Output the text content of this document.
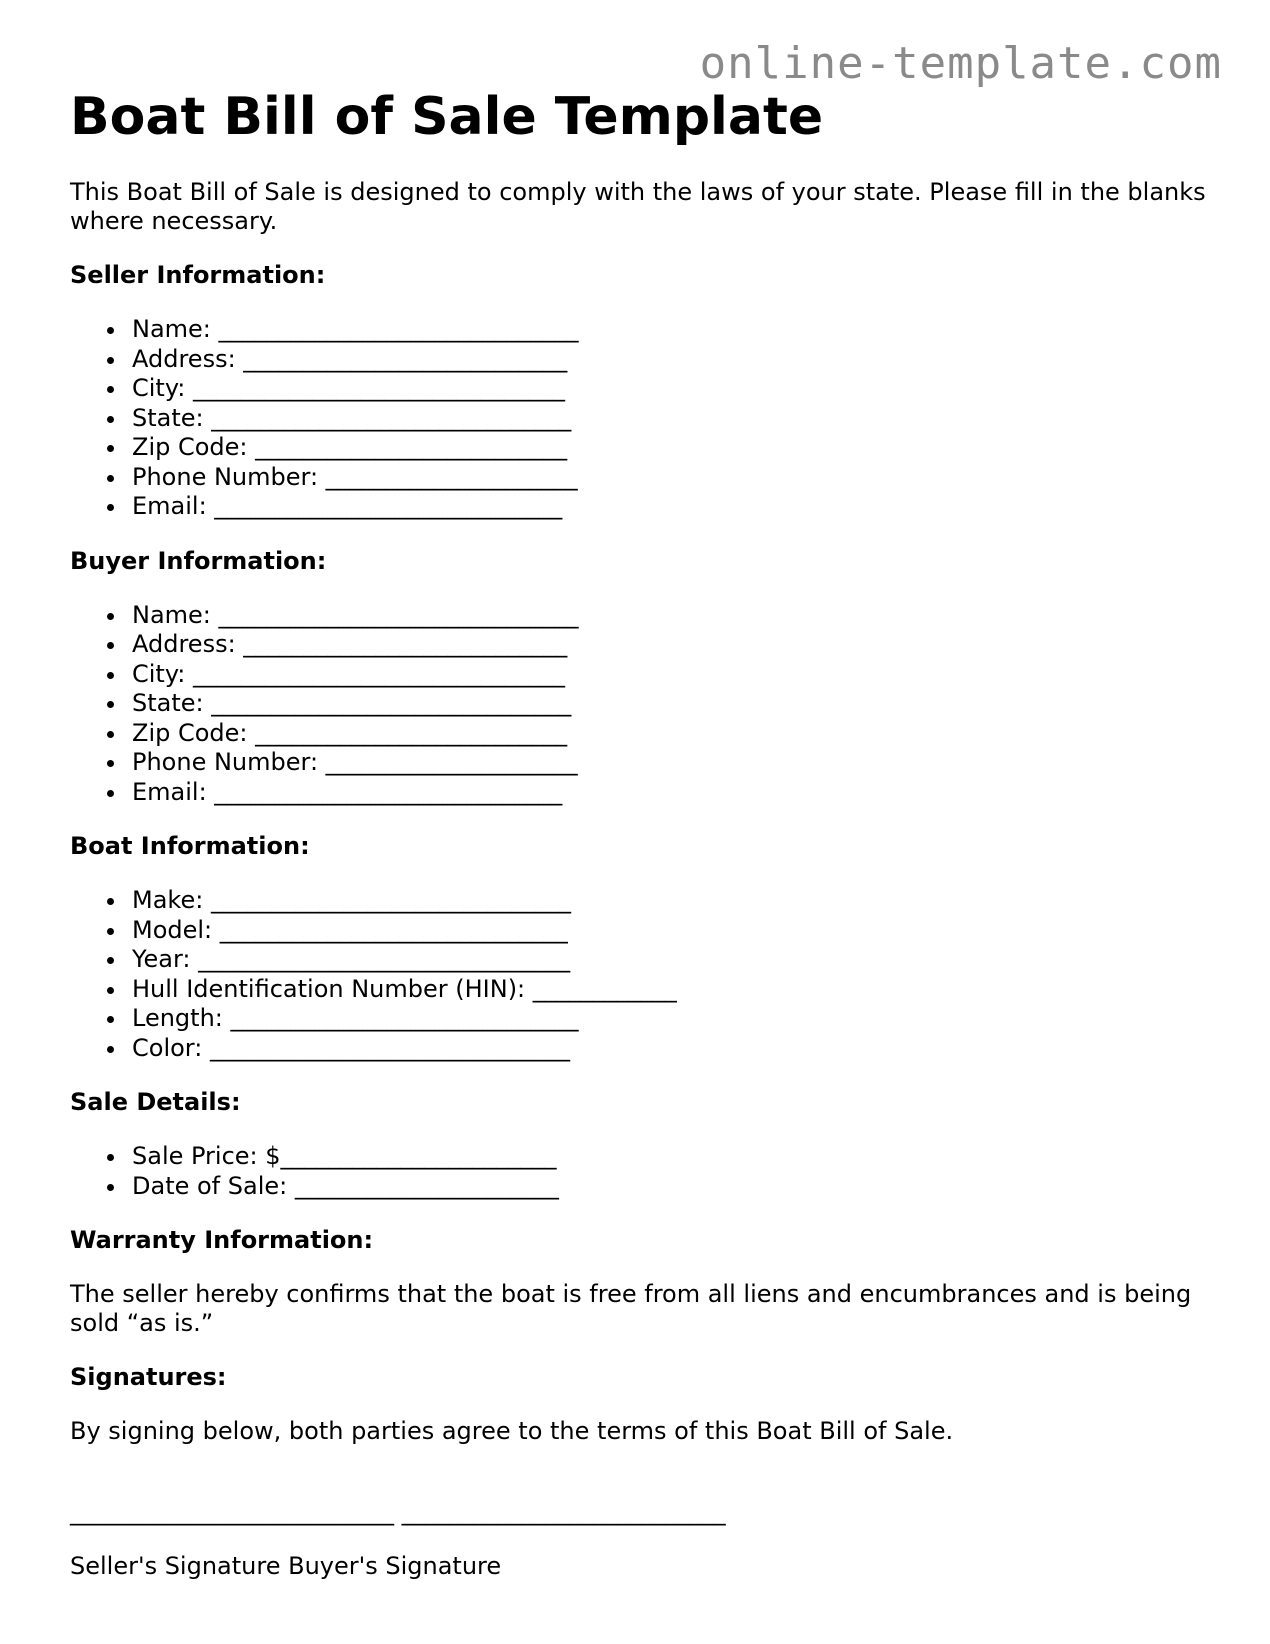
online-template.com
Boat Bill of Sale Template

This Boat Bill of Sale is designed to comply with the laws of your state. Please fill in the blanks where necessary.

Seller Information:
Name: ______________________________
Address: ___________________________
City: _______________________________
State: ______________________________
Zip Code: __________________________
Phone Number: _____________________
Email: _____________________________
Buyer Information:
Name: ______________________________
Address: ___________________________
City: _______________________________
State: ______________________________
Zip Code: __________________________
Phone Number: _____________________
Email: _____________________________
Boat Information:
Make: ______________________________
Model: _____________________________
Year: _______________________________
Hull Identification Number (HIN): ____________
Length: _____________________________
Color: ______________________________
Sale Details:
Sale Price: $_______________________
Date of Sale: ______________________
Warranty Information:

The seller hereby confirms that the boat is free from all liens and encumbrances and is being sold “as is.”

Signatures:

By signing below, both parties agree to the terms of this Boat Bill of Sale.

___________________________ ___________________________
Seller's Signature Buyer's Signature
